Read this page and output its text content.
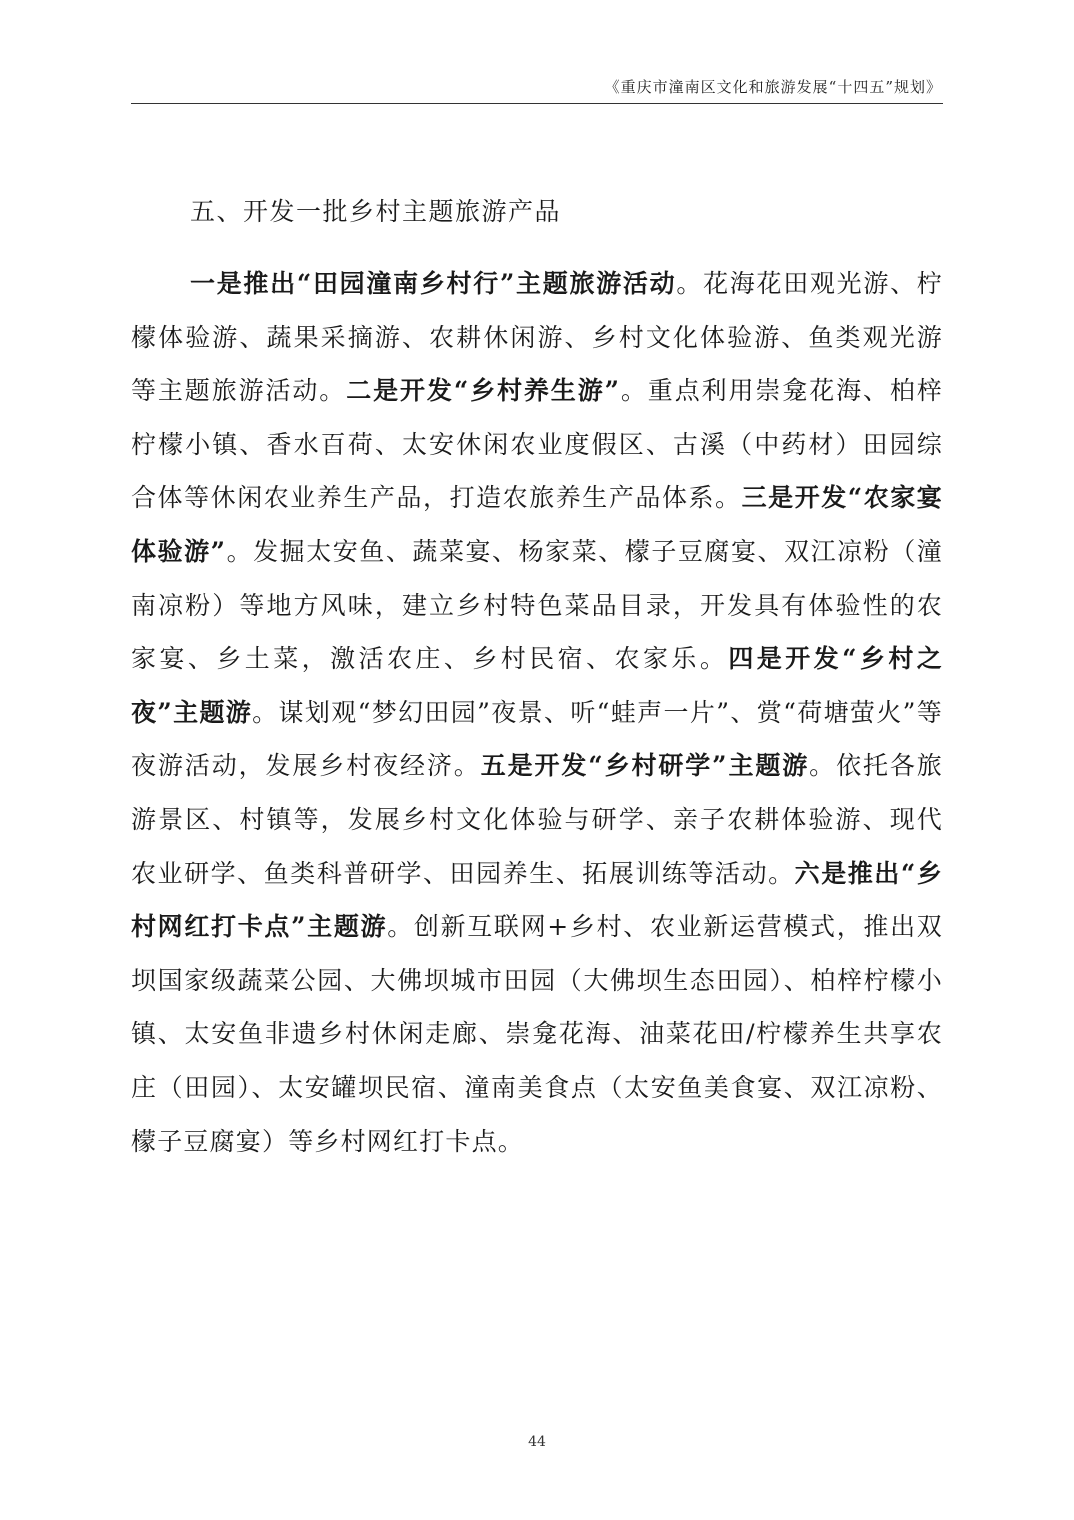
《重庆市潼南区文化和旅游发展“十四五”规划》
五、开发一批乡村主题旅游产品

一是推出“田园潼南乡村行”主题旅游活动。花海花田观光游、柠檬体验游、蔬果采摘游、农耕休闲游、乡村文化体验游、鱼类观光游等主题旅游活动。二是开发“乡村养生游”。重点利用崇龛花海、柏梓柠檬小镇、香水百荷、太安休闲农业度假区、古溪（中药材）田园综合体等休闲农业养生产品，打造农旅养生产品体系。三是开发“农家宴体验游”。发掘太安鱼、蔬菜宴、杨家菜、檬子豆腐宴、双江凉粉（潼南凉粉）等地方风味，建立乡村特色菜品目录，开发具有体验性的农家宴、乡土菜，激活农庄、乡村民宿、农家乐。四是开发“乡村之夜”主题游。谋划观“梦幻田园”夜景、听“蛙声一片”、赏“荷塘萤火”等夜游活动，发展乡村夜经济。五是开发“乡村研学”主题游。依托各旅游景区、村镇等，发展乡村文化体验与研学、亲子农耕体验游、现代农业研学、鱼类科普研学、田园养生、拓展训练等活动。六是推出“乡村网红打卡点”主题游。创新互联网+乡村、农业新运营模式，推出双坝国家级蔬菜公园、大佛坝城市田园（大佛坝生态田园）、柏梓柠檬小镇、太安鱼非遗乡村休闲走廊、崇龛花海、油菜花田/柠檬养生共享农庄（田园）、太安罐坝民宿、潼南美食点（太安鱼美食宴、双江凉粉、檬子豆腐宴）等乡村网红打卡点。

44
